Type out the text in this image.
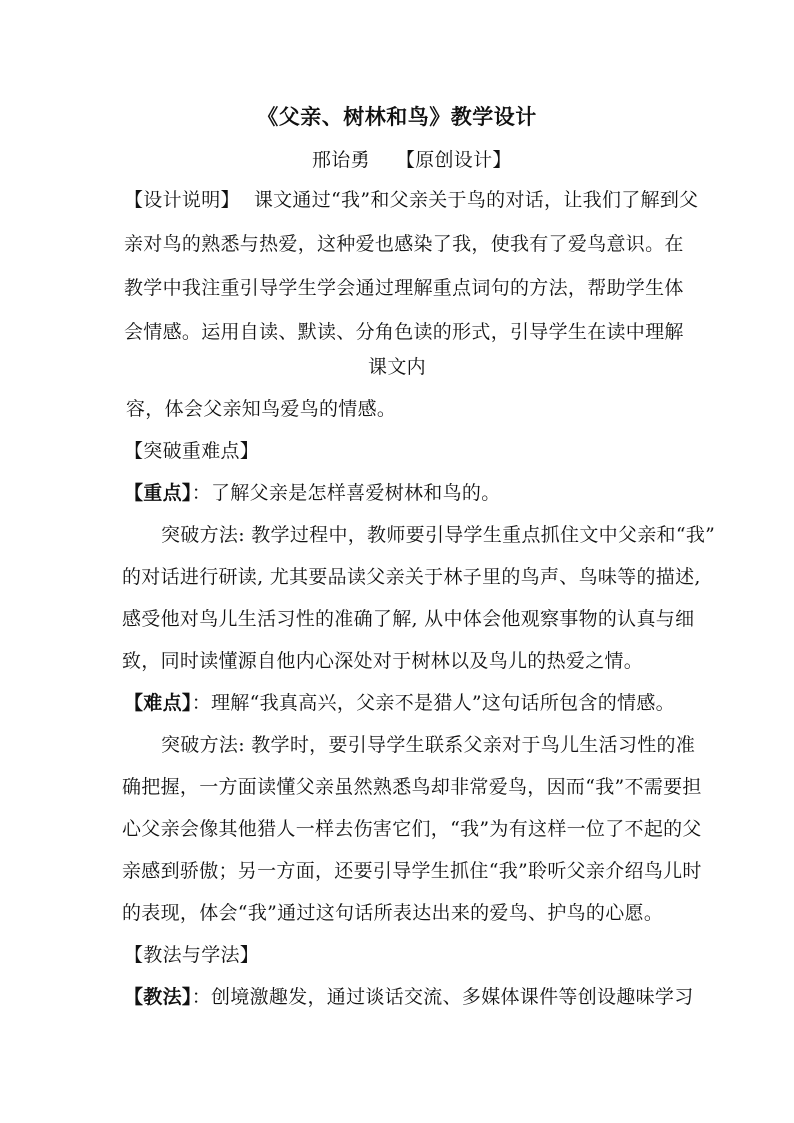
《父亲、树林和鸟》教学设计
邢诒勇 【原创设计】
【设计说明】 课文通过“我”和父亲关于鸟的对话，让我们了解到父
亲对鸟的熟悉与热爱，这种爱也感染了我，使我有了爱鸟意识。在
教学中我注重引导学生学会通过理解重点词句的方法，帮助学生体
会情感。运用自读、默读、分角色读的形式，引导学生在读中理解
课文内
容，体会父亲知鸟爱鸟的情感。
【突破重难点】
【重点】：了解父亲是怎样喜爱树林和鸟的。
突破方法: 教学过程中，教师要引导学生重点抓住文中父亲和“我”
的对话进行研读, 尤其要品读父亲关于林子里的鸟声、鸟味等的描述,
感受他对鸟儿生活习性的准确了解, 从中体会他观察事物的认真与细
致，同时读懂源自他内心深处对于树林以及鸟儿的热爱之情。
【难点】：理解“我真高兴，父亲不是猎人”这句话所包含的情感。
突破方法: 教学时，要引导学生联系父亲对于鸟儿生活习性的准
确把握，一方面读懂父亲虽然熟悉鸟却非常爱鸟，因而“我”不需要担
心父亲会像其他猎人一样去伤害它们，“我”为有这样一位了不起的父
亲感到骄傲；另一方面，还要引导学生抓住“我”聆听父亲介绍鸟儿时
的表现，体会“我”通过这句话所表达出来的爱鸟、护鸟的心愿。
【教法与学法】
【教法】：创境激趣发，通过谈话交流、多媒体课件等创设趣味学习
